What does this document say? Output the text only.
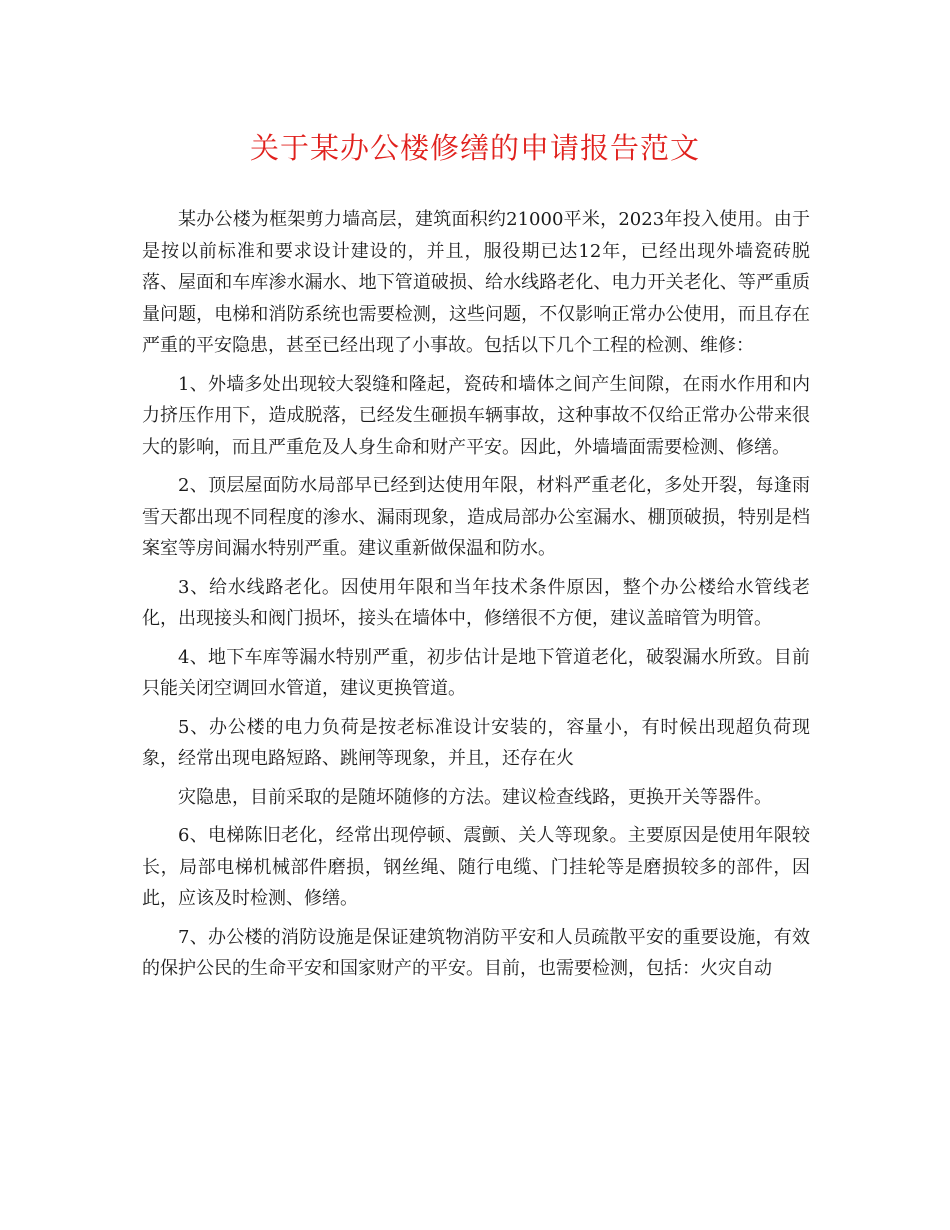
关于某办公楼修缮的申请报告范文

某办公楼为框架剪力墙高层，建筑面积约21000平米，2023年投入使用。由于是按以前标准和要求设计建设的，并且，服役期已达12年，已经出现外墙瓷砖脱落、屋面和车库渗水漏水、地下管道破损、给水线路老化、电力开关老化、等严重质量问题，电梯和消防系统也需要检测，这些问题，不仅影响正常办公使用，而且存在严重的平安隐患，甚至已经出现了小事故。包括以下几个工程的检测、维修：

1、外墙多处出现较大裂缝和隆起，瓷砖和墙体之间产生间隙，在雨水作用和内力挤压作用下，造成脱落，已经发生砸损车辆事故，这种事故不仅给正常办公带来很大的影响，而且严重危及人身生命和财产平安。因此，外墙墙面需要检测、修缮。

2、顶层屋面防水局部早已经到达使用年限，材料严重老化，多处开裂，每逢雨雪天都出现不同程度的渗水、漏雨现象，造成局部办公室漏水、棚顶破损，特别是档案室等房间漏水特别严重。建议重新做保温和防水。

3、给水线路老化。因使用年限和当年技术条件原因，整个办公楼给水管线老化，出现接头和阀门损坏，接头在墙体中，修缮很不方便，建议盖暗管为明管。

4、地下车库等漏水特别严重，初步估计是地下管道老化，破裂漏水所致。目前只能关闭空调回水管道，建议更换管道。

5、办公楼的电力负荷是按老标准设计安装的，容量小，有时候出现超负荷现象，经常出现电路短路、跳闸等现象，并且，还存在火

灾隐患，目前采取的是随坏随修的方法。建议检查线路，更换开关等器件。

6、电梯陈旧老化，经常出现停顿、震颤、关人等现象。主要原因是使用年限较长，局部电梯机械部件磨损，钢丝绳、随行电缆、门挂轮等是磨损较多的部件，因此，应该及时检测、修缮。

7、办公楼的消防设施是保证建筑物消防平安和人员疏散平安的重要设施，有效的保护公民的生命平安和国家财产的平安。目前，也需要检测，包括：火灾自动
